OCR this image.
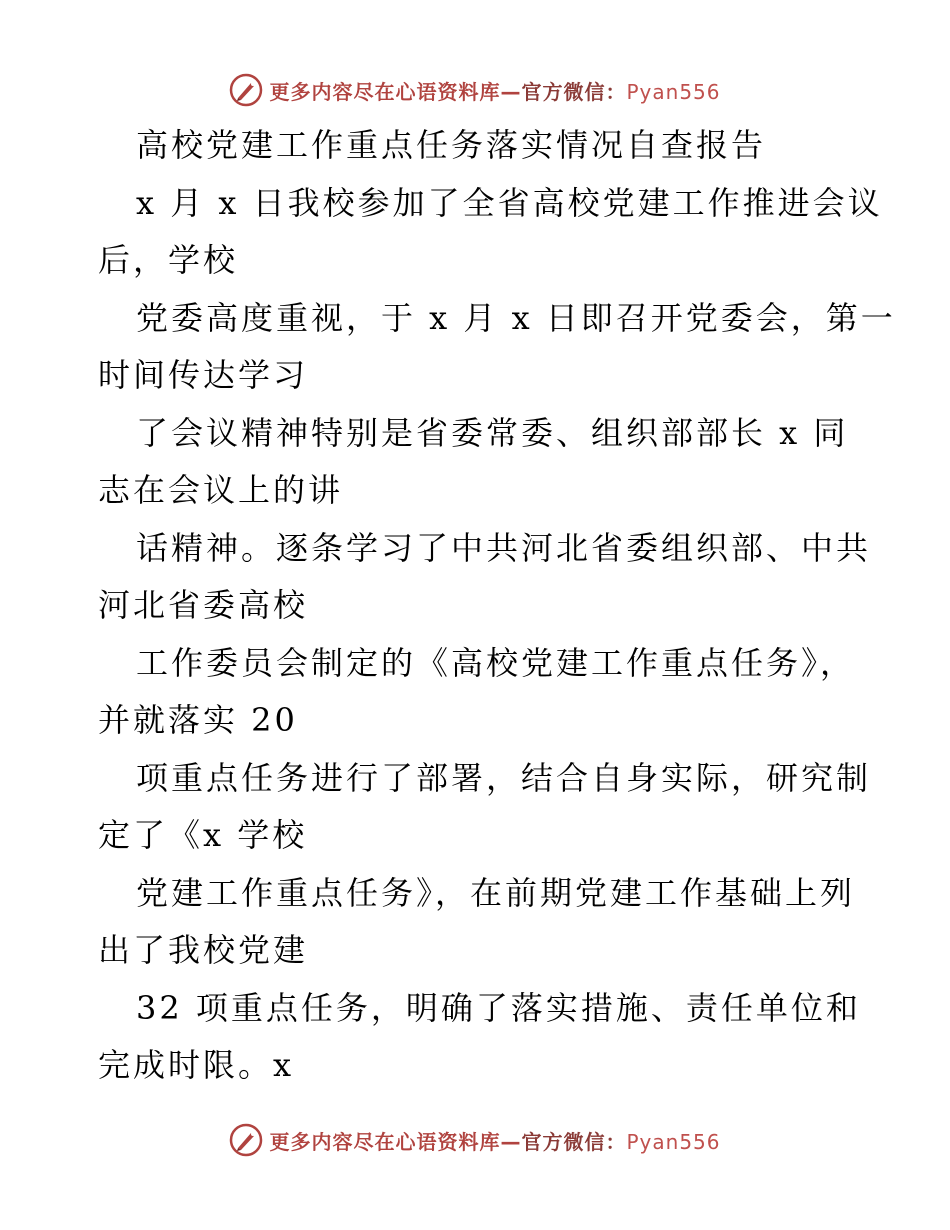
更多内容尽在心语资料库—官方微信：Pyan556
高校党建工作重点任务落实情况自查报告
x 月 x 日我校参加了全省高校党建工作推进会议
后，学校
党委高度重视，于 x 月 x 日即召开党委会，第一
时间传达学习
了会议精神特别是省委常委、组织部部长 x 同
志在会议上的讲
话精神。逐条学习了中共河北省委组织部、中共
河北省委高校
工作委员会制定的《高校党建工作重点任务》，
并就落实 20
项重点任务进行了部署，结合自身实际，研究制
定了《x 学校
党建工作重点任务》，在前期党建工作基础上列
出了我校党建
32 项重点任务，明确了落实措施、责任单位和
完成时限。x
更多内容尽在心语资料库—官方微信：Pyan556
